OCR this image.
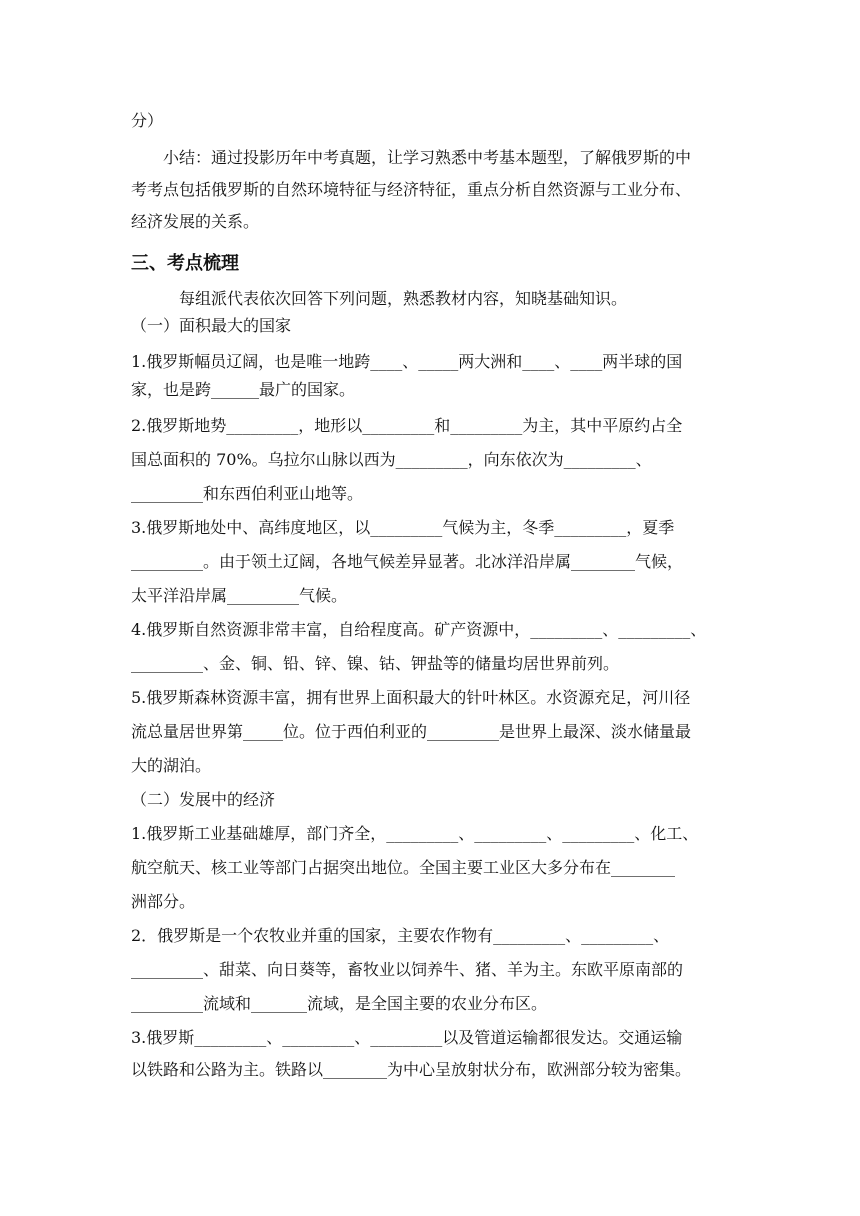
分）
　　小结：通过投影历年中考真题，让学习熟悉中考基本题型，了解俄罗斯的中
考考点包括俄罗斯的自然环境特征与经济特征，重点分析自然资源与工业分布、
经济发展的关系。
三、考点梳理
　　　每组派代表依次回答下列问题，熟悉教材内容，知晓基础知识。
（一）面积最大的国家
1.俄罗斯幅员辽阔，也是唯一地跨____、_____两大洲和____、____两半球的国
家，也是跨______最广的国家。
2.俄罗斯地势_________，地形以_________和_________为主，其中平原约占全
国总面积的 70%。乌拉尔山脉以西为_________，向东依次为_________、
_________和东西伯利亚山地等。
3.俄罗斯地处中、高纬度地区，以_________气候为主，冬季_________，夏季
_________。由于领土辽阔，各地气候差异显著。北冰洋沿岸属________气候，
太平洋沿岸属_________气候。
4.俄罗斯自然资源非常丰富，自给程度高。矿产资源中，_________、_________、
_________、金、铜、铅、锌、镍、钴、钾盐等的储量均居世界前列。
5.俄罗斯森林资源丰富，拥有世界上面积最大的针叶林区。水资源充足，河川径
流总量居世界第_____位。位于西伯利亚的_________是世界上最深、淡水储量最
大的湖泊。
（二）发展中的经济
1.俄罗斯工业基础雄厚，部门齐全，_________、_________、_________、化工、
航空航天、核工业等部门占据突出地位。全国主要工业区大多分布在________
洲部分。
2．俄罗斯是一个农牧业并重的国家，主要农作物有_________、_________、
_________、甜菜、向日葵等，畜牧业以饲养牛、猪、羊为主。东欧平原南部的
_________流域和_______流域，是全国主要的农业分布区。
3.俄罗斯_________、_________、_________以及管道运输都很发达。交通运输
以铁路和公路为主。铁路以________为中心呈放射状分布，欧洲部分较为密集。
